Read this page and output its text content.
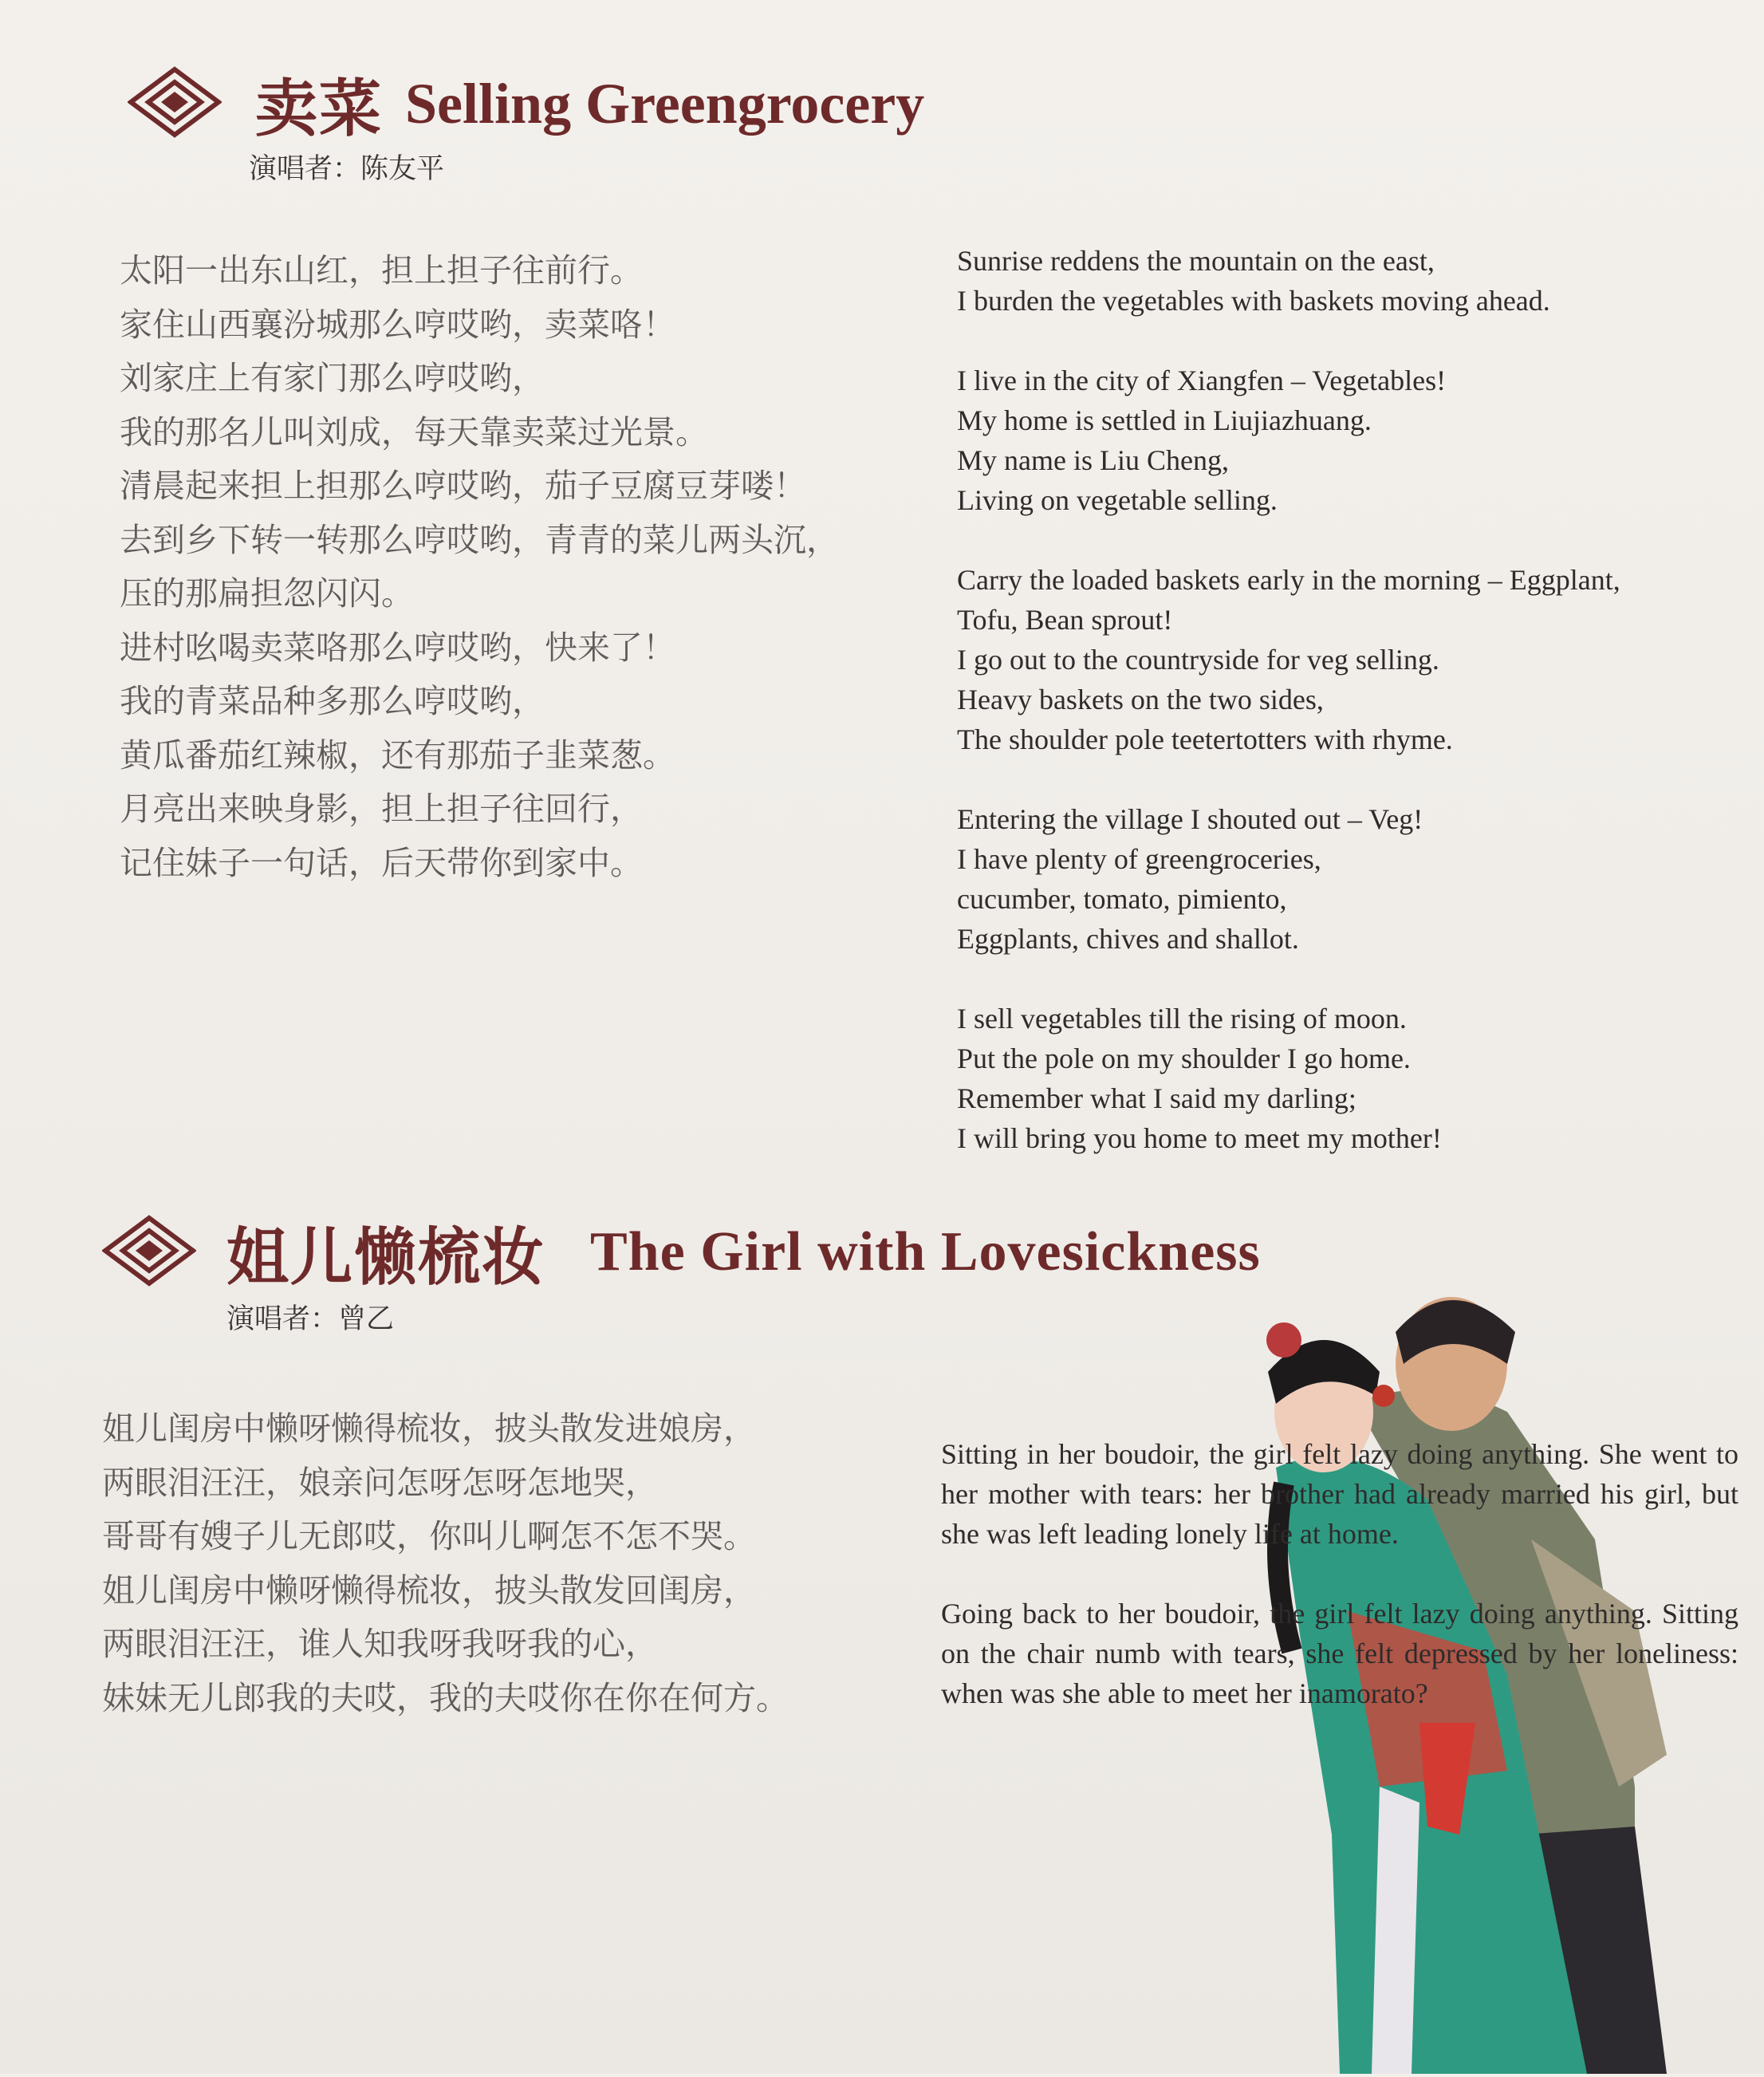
卖菜 Selling Greengrocery
演唱者：陈友平
太阳一出东山红，担上担子往前行。
家住山西襄汾城那么哼哎哟，卖菜咯！
刘家庄上有家门那么哼哎哟，
我的那名儿叫刘成，每天靠卖菜过光景。
清晨起来担上担那么哼哎哟，茄子豆腐豆芽喽！
去到乡下转一转那么哼哎哟，青青的菜儿两头沉，
压的那扁担忽闪闪。
进村吆喝卖菜咯那么哼哎哟，快来了！
我的青菜品种多那么哼哎哟，
黄瓜番茄红辣椒，还有那茄子韭菜葱。
月亮出来映身影，担上担子往回行，
记住妹子一句话，后天带你到家中。
Sunrise reddens the mountain on the east,
I burden the vegetables with baskets moving ahead.
I live in the city of Xiangfen – Vegetables!
My home is settled in Liujiazhuang.
My name is Liu Cheng,
Living on vegetable selling.
Carry the loaded baskets early in the morning – Eggplant,
Tofu, Bean sprout!
I go out to the countryside for veg selling.
Heavy baskets on the two sides,
The shoulder pole teetertotters with rhyme.
Entering the village I shouted out – Veg!
I have plenty of greengroceries,
cucumber, tomato, pimiento,
Eggplants, chives and shallot.
I sell vegetables till the rising of moon.
Put the pole on my shoulder I go home.
Remember what I said my darling;
I will bring you home to meet my mother!
姐儿懒梳妆 The Girl with Lovesickness
演唱者：曾乙
姐儿闺房中懒呀懒得梳妆，披头散发进娘房，
两眼泪汪汪，娘亲问怎呀怎呀怎地哭，
哥哥有嫂子儿无郎哎，你叫儿啊怎不怎不哭。
姐儿闺房中懒呀懒得梳妆，披头散发回闺房，
两眼泪汪汪，谁人知我呀我呀我的心，
妹妹无儿郎我的夫哎，我的夫哎你在你在何方。
Sitting in her boudoir, the girl felt lazy doing anything. She went to her mother with tears: her brother had already married his girl, but she was left leading lonely life at home.
Going back to her boudoir, the girl felt lazy doing anything. Sitting on the chair numb with tears, she felt depressed by her loneliness: when was she able to meet her inamorato?
